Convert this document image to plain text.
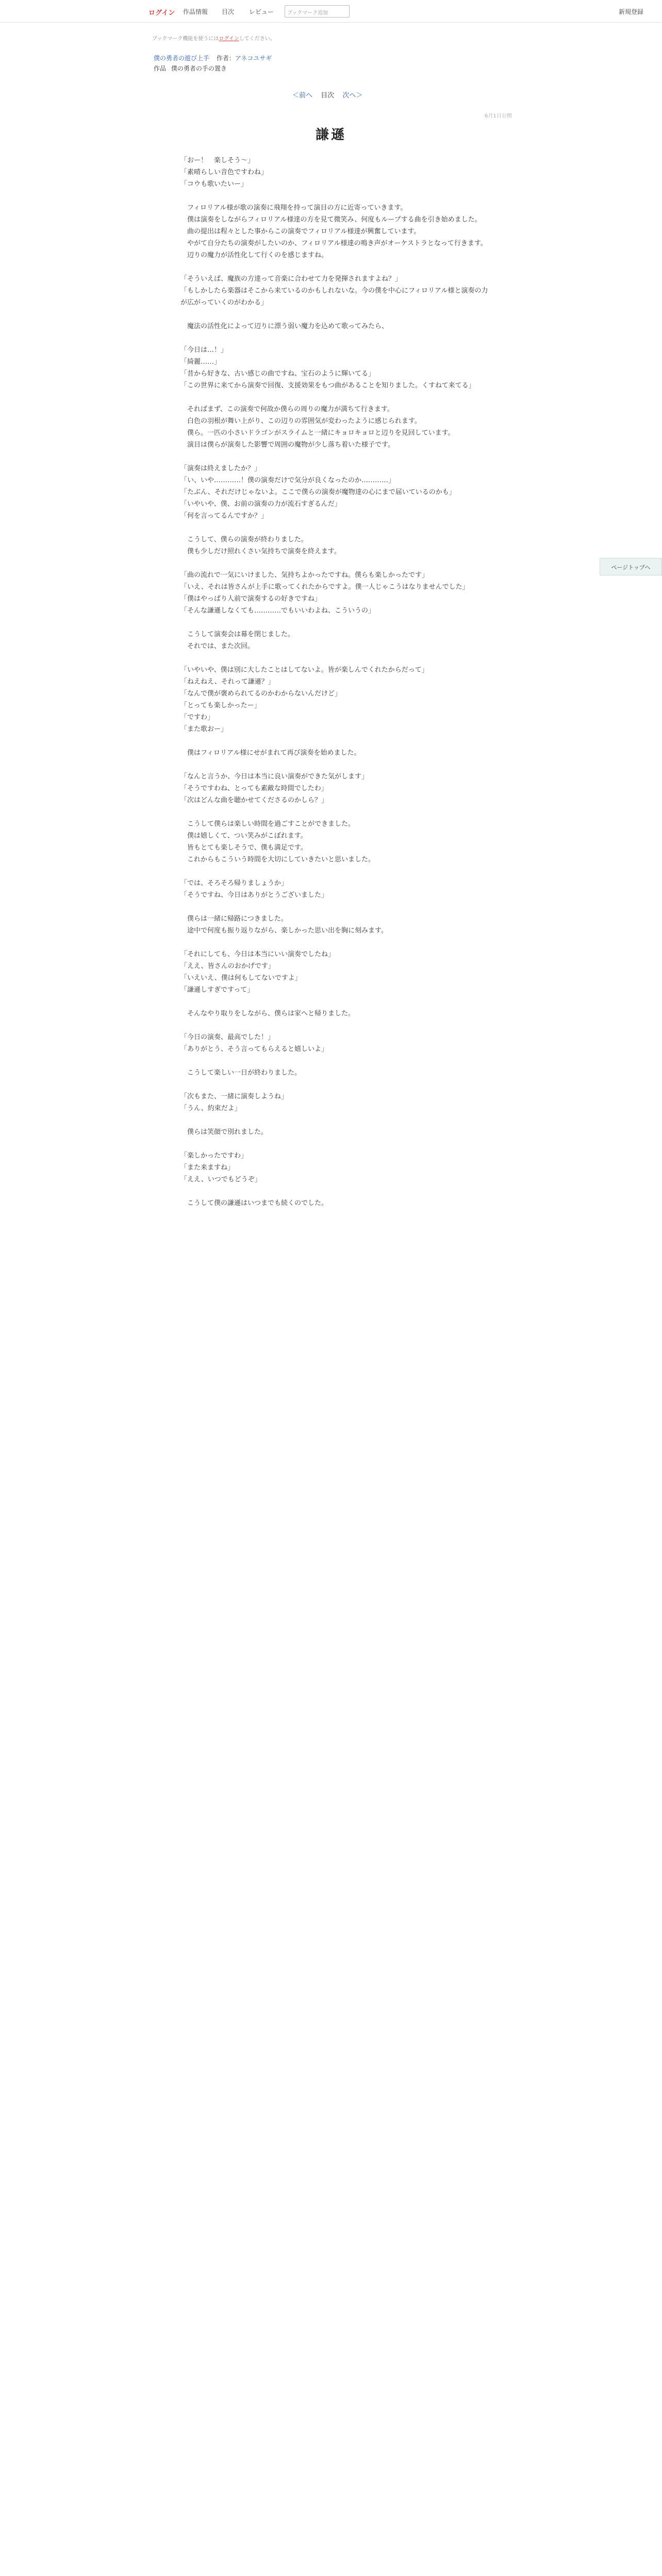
ログイン 作品情報 目次 レビュー	ブックマーク追加	新規登録
ブックマーク機能を使うにはログインしてください。
僕の勇者の遊び上手 作者：アネコユサギ
作品 僕の勇者の手の置き
＜前へ 目次 次へ＞
6月1日公開
謙遜
「おー！　楽しそう～」
「素晴らしい音色ですわね」
「コウも歌いたいー」

　フィロリアル様が歌の演奏に飛翔を持って演目の方に近寄っていきます。
　僕は演奏をしながらフィロリアル様達の方を見て微笑み、何度もループする曲を引き始めました。
　曲の提出は程々とした事からこの演奏でフィロリアル様達が興奮しています。
　やがて自分たちの演奏がしたいのか、フィロリアル様達の鳴き声がオーケストラとなって行きます。
　辺りの魔力が活性化して行くのを感じますね。

「そういえば、魔族の方達って音楽に合わせて力を発揮されますよね？」
「もしかしたら楽器はそこから来ているのかもしれないな。今の僕を中心にフィロリアル様と演奏の力が広がっていくのがわかる」

　魔法の活性化によって辺りに漂う弱い魔力を込めて歌ってみたら、

「今日は…！」
「綺麗……」
「昔から好きな、古い感じの曲ですね、宝石のように輝いてる」
「この世界に来てから演奏で回復、支援効果をもつ曲があることを知りました。くすねて来てる」

　そればまず、この演奏で何故か僕らの周りの魔力が満ちて行きます。
　白色の羽根が舞い上がり、この辺りの雰囲気が変わったように感じられます。
　僕ら。一匹の小さいドラゴンがスライムと一緒にキョロキョロと辺りを見回しています。
　演目は僕らが演奏した影響で周囲の魔物が少し落ち着いた様子です。

「演奏は終えましたか？」
「い、いや…………！僕の演奏だけで気分が良くなったのか…………」
「たぶん、それだけじゃないよ。ここで僕らの演奏が魔物達の心にまで届いているのかも」
「いやいや、僕、お前の演奏の力が流石すぎるんだ」
「何を言ってるんですか？」

　こうして、僕らの演奏が終わりました。
　僕も少しだけ照れくさい気持ちで演奏を終えます。

「曲の流れで一気にいけました、気持ちよかったですね。僕らも楽しかったです」
「いえ、それは皆さんが上手に歌ってくれたからですよ。僕一人じゃこうはなりませんでした」
「僕はやっぱり人前で演奏するの好きですね」
「そんな謙遜しなくても…………でもいいわよね、こういうの」

　こうして演奏会は幕を閉じました。
　それでは、また次回。

「いやいや、僕は別に大したことはしてないよ。皆が楽しんでくれたからだって」
「ねえねえ、それって謙遜？」
「なんで僕が褒められてるのかわからないんだけど」
「とっても楽しかったー」
「ですわ」
「また歌おー」

　僕はフィロリアル様にせがまれて再び演奏を始めました。

「なんと言うか、今日は本当に良い演奏ができた気がします」
「そうですわね、とっても素敵な時間でしたわ」
「次はどんな曲を聴かせてくださるのかしら？」

　こうして僕らは楽しい時間を過ごすことができました。
　僕は嬉しくて、つい笑みがこぼれます。
　皆もとても楽しそうで、僕も満足です。
　これからもこういう時間を大切にしていきたいと思いました。

「では、そろそろ帰りましょうか」
「そうですね、今日はありがとうございました」

　僕らは一緒に帰路につきました。
　途中で何度も振り返りながら、楽しかった思い出を胸に刻みます。

「それにしても、今日は本当にいい演奏でしたね」
「ええ、皆さんのおかげです」
「いえいえ、僕は何もしてないですよ」
「謙遜しすぎですって」

　そんなやり取りをしながら、僕らは家へと帰りました。

「今日の演奏、最高でした！」
「ありがとう、そう言ってもらえると嬉しいよ」

　こうして楽しい一日が終わりました。

「次もまた、一緒に演奏しようね」
「うん、約束だよ」

　僕らは笑顔で別れました。

「楽しかったですわ」
「また来ますね」
「ええ、いつでもどうぞ」

　こうして僕の謙遜はいつまでも続くのでした。
ページトップへ
